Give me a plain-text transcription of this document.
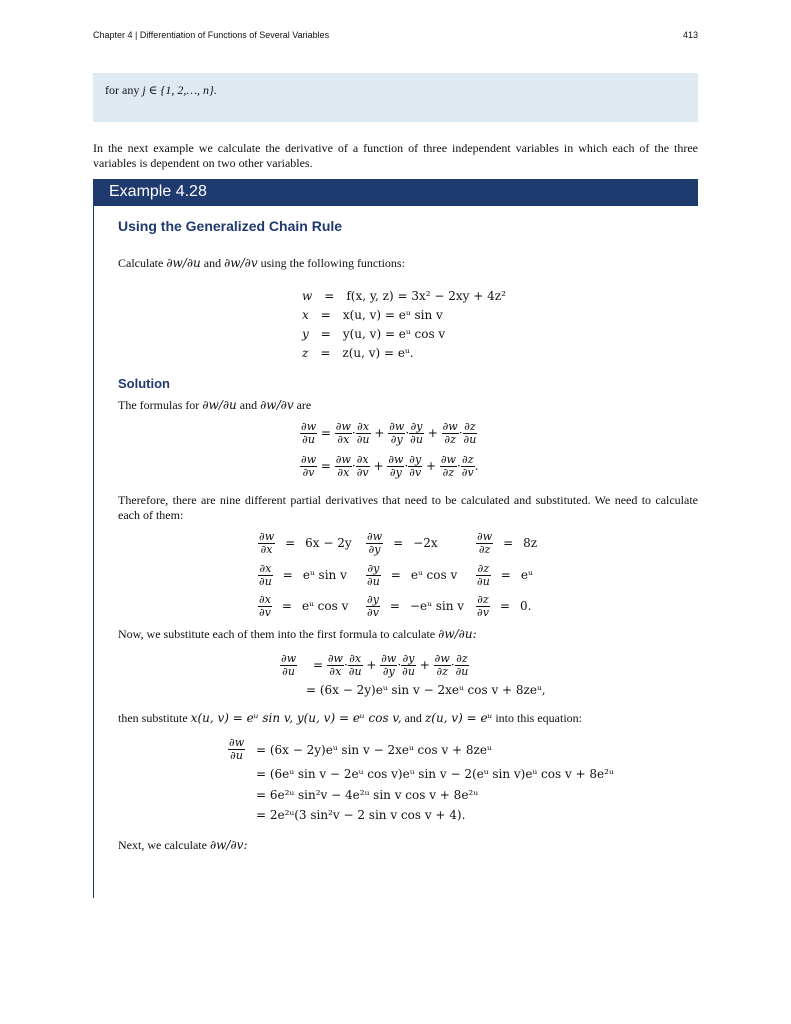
Chapter 4 | Differentiation of Functions of Several Variables	413
for any j ∈ {1, 2,…, n}.
In the next example we calculate the derivative of a function of three independent variables in which each of the three variables is dependent on two other variables.
Example 4.28
Using the Generalized Chain Rule
Calculate ∂w/∂u and ∂w/∂v using the following functions:
w = f(x, y, z) = 3x² − 2xy + 4z²
x = x(u, v) = eᵘ sin v
y = y(u, v) = eᵘ cos v
z = z(u, v) = eᵘ.
Solution
The formulas for ∂w/∂u and ∂w/∂v are
$\frac{\partial w}{\partial u} = \frac{\partial w}{\partial x} \cdot \frac{\partial x}{\partial u} + \frac{\partial w}{\partial y} \cdot \frac{\partial y}{\partial u} + \frac{\partial w}{\partial z} \cdot \frac{\partial z}{\partial u}$
$\frac{\partial w}{\partial v} = \frac{\partial w}{\partial x} \cdot \frac{\partial x}{\partial v} + \frac{\partial w}{\partial y} \cdot \frac{\partial y}{\partial v} + \frac{\partial w}{\partial z} \cdot \frac{\partial z}{\partial v}$ .
Therefore, there are nine different partial derivatives that need to be calculated and substituted. We need to calculate each of them:
$\frac{\partial w}{\partial x} = 6x - 2y \frac{\partial w}{\partial y} = -2x$	$\frac{\partial w}{\partial z} = 8z$
$\frac{\partial x}{\partial u}$ = eᵘ sin v $\frac{\partial y}{\partial u}$ = eᵘ cos v $\frac{\partial z}{\partial u}$ = eᵘ
$\frac{\partial x}{\partial v}$ = eᵘ cos v $\frac{\partial y}{\partial v}$ = −eᵘ sin v $\frac{\partial z}{\partial v} = 0$.
Now, we substitute each of them into the first formula to calculate ∂w/∂u:
$\frac{\partial w}{\partial u} = \frac{\partial w}{\partial x} \cdot \frac{\partial x}{\partial u} + \frac{\partial w}{\partial y} \cdot \frac{\partial y}{\partial u} + \frac{\partial w}{\partial z} \cdot \frac{\partial z}{\partial u}$
= (6x − 2y)eᵘ sin v − 2xeᵘ cos v + 8zeᵘ,
then substitute x(u, v) = eᵘ sin v, y(u, v) = eᵘ cos v, and z(u, v) = eᵘ into this equation:
$\frac{\partial w}{\partial u} = (6x$ − 2y)eᵘ sin v − 2xeᵘ cos v + 8zeᵘ
= (6eᵘ sin v − 2eᵘ cos v)eᵘ sin v − 2(eᵘ sin v)eᵘ cos v + 8e²ᵘ
= 6e²ᵘ sin²v − 4e²ᵘ sin v cos v + 8e²ᵘ
= 2e²ᵘ(3 sin²v − 2 sin v cos v + 4).
Next, we calculate ∂w/∂v:
